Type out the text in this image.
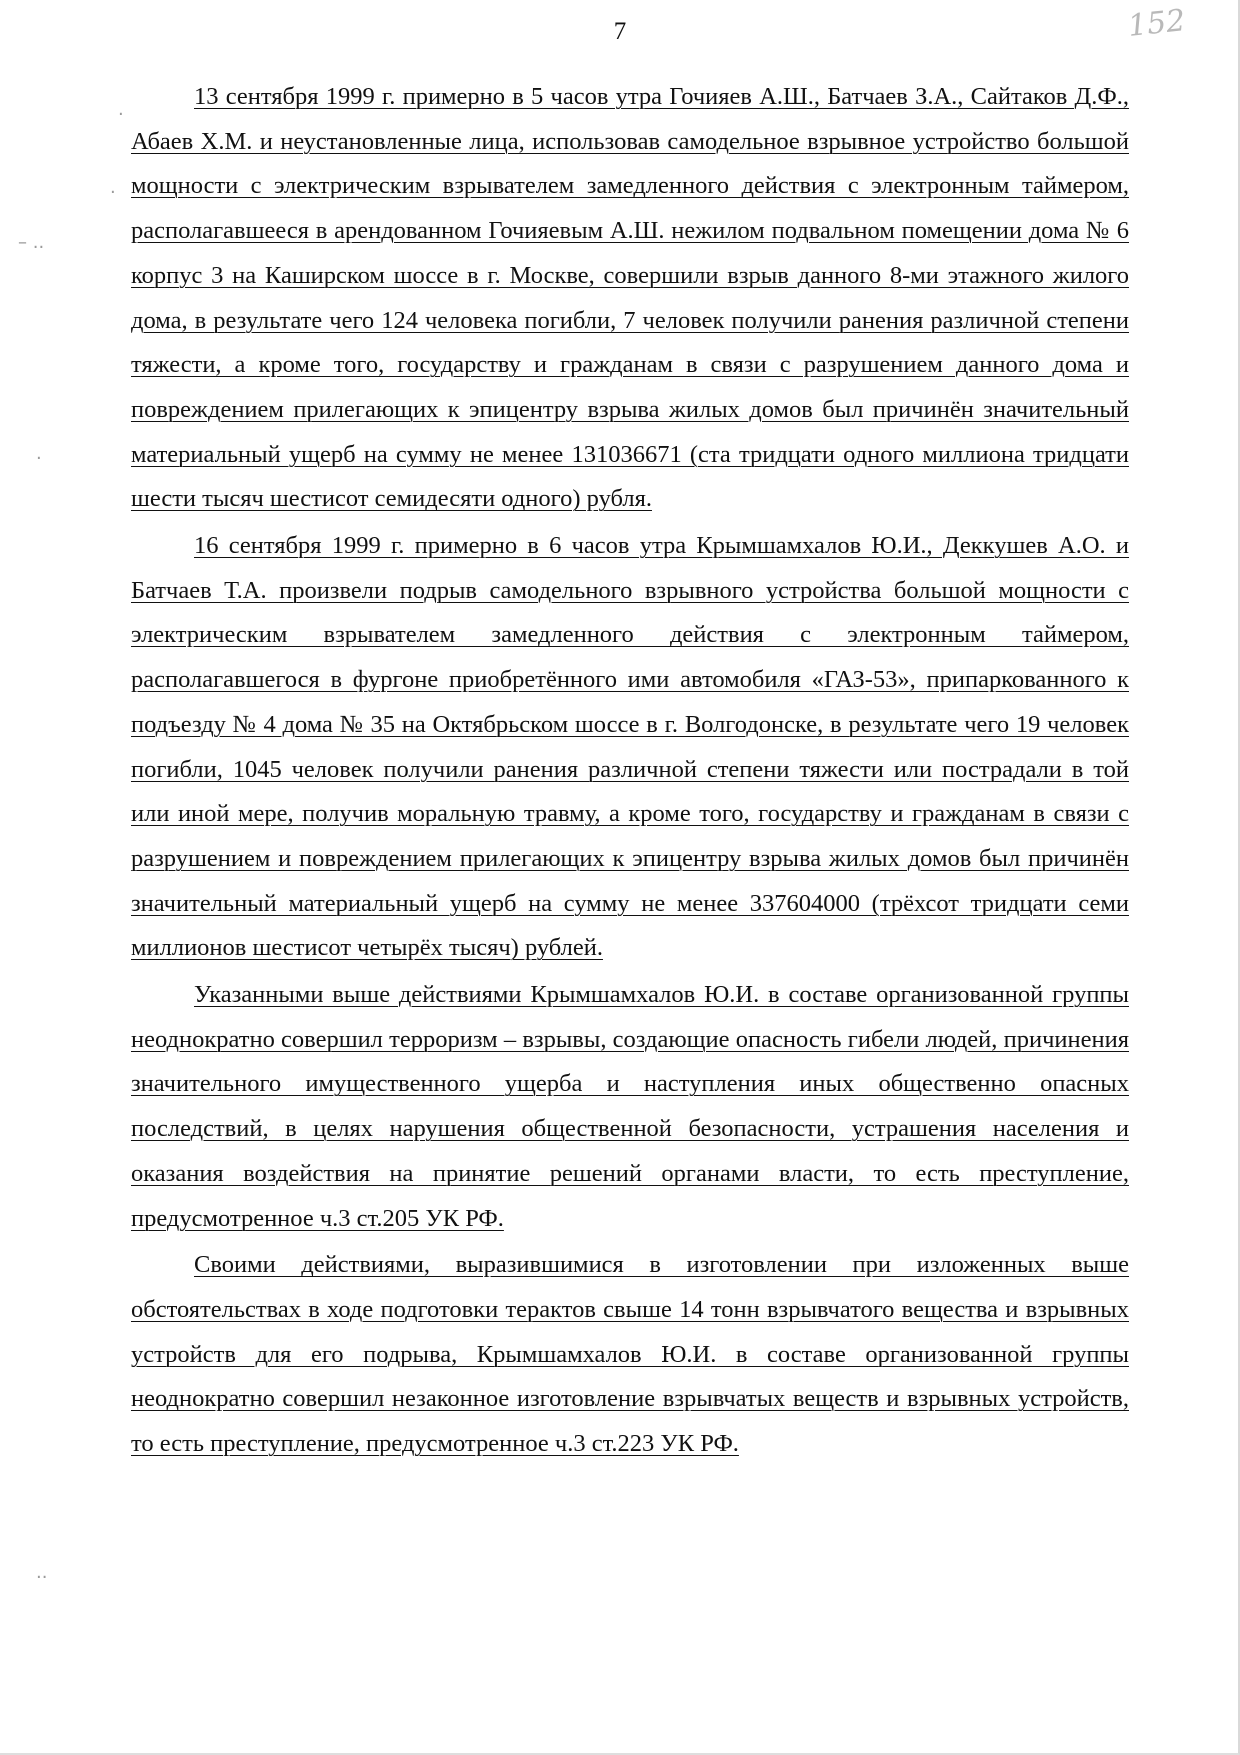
7	152
·
·
– ..
·
..

13 сентября 1999 г. примерно в 5 часов утра Гочияев А.Ш., Батчаев З.А., Сайтаков Д.Ф., Абаев Х.М. и неустановленные лица, использовав самодельное взрывное устройство большой мощности с электрическим взрывателем замедленного действия с электронным таймером, располагавшееся в арендованном Гочияевым А.Ш. нежилом подвальном помещении дома № 6 корпус 3 на Каширском шоссе в г. Москве, совершили взрыв данного 8-ми этажного жилого дома, в результате чего 124 человека погибли, 7 человек получили ранения различной степени тяжести, а кроме того, государству и гражданам в связи с разрушением данного дома и повреждением прилегающих к эпицентру взрыва жилых домов был причинён значительный материальный ущерб на сумму не менее 131036671 (ста тридцати одного миллиона тридцати шести тысяч шестисот семидесяти одного) рубля.

16 сентября 1999 г. примерно в 6 часов утра Крымшамхалов Ю.И., Деккушев А.О. и Батчаев Т.А. произвели подрыв самодельного взрывного устройства большой мощности с электрическим взрывателем замедленного действия с электронным таймером, располагавшегося в фургоне приобретённого ими автомобиля «ГАЗ-53», припаркованного к подъезду № 4 дома № 35 на Октябрьском шоссе в г. Волгодонске, в результате чего 19 человек погибли, 1045 человек получили ранения различной степени тяжести или пострадали в той или иной мере, получив моральную травму, а кроме того, государству и гражданам в связи с разрушением и повреждением прилегающих к эпицентру взрыва жилых домов был причинён значительный материальный ущерб на сумму не менее 337604000 (трёхсот тридцати семи миллионов шестисот четырёх тысяч) рублей.

Указанными выше действиями Крымшамхалов Ю.И. в составе организованной группы неоднократно совершил терроризм – взрывы, создающие опасность гибели людей, причинения значительного имущественного ущерба и наступления иных общественно опасных последствий, в целях нарушения общественной безопасности, устрашения населения и оказания воздействия на принятие решений органами власти, то есть преступление, предусмотренное ч.3 ст.205 УК РФ.

Своими действиями, выразившимися в изготовлении при изложенных выше обстоятельствах в ходе подготовки терактов свыше 14 тонн взрывчатого вещества и взрывных устройств для его подрыва, Крымшамхалов Ю.И. в составе организованной группы неоднократно совершил незаконное изготовление взрывчатых веществ и взрывных устройств, то есть преступление, предусмотренное ч.3 ст.223 УК РФ.
